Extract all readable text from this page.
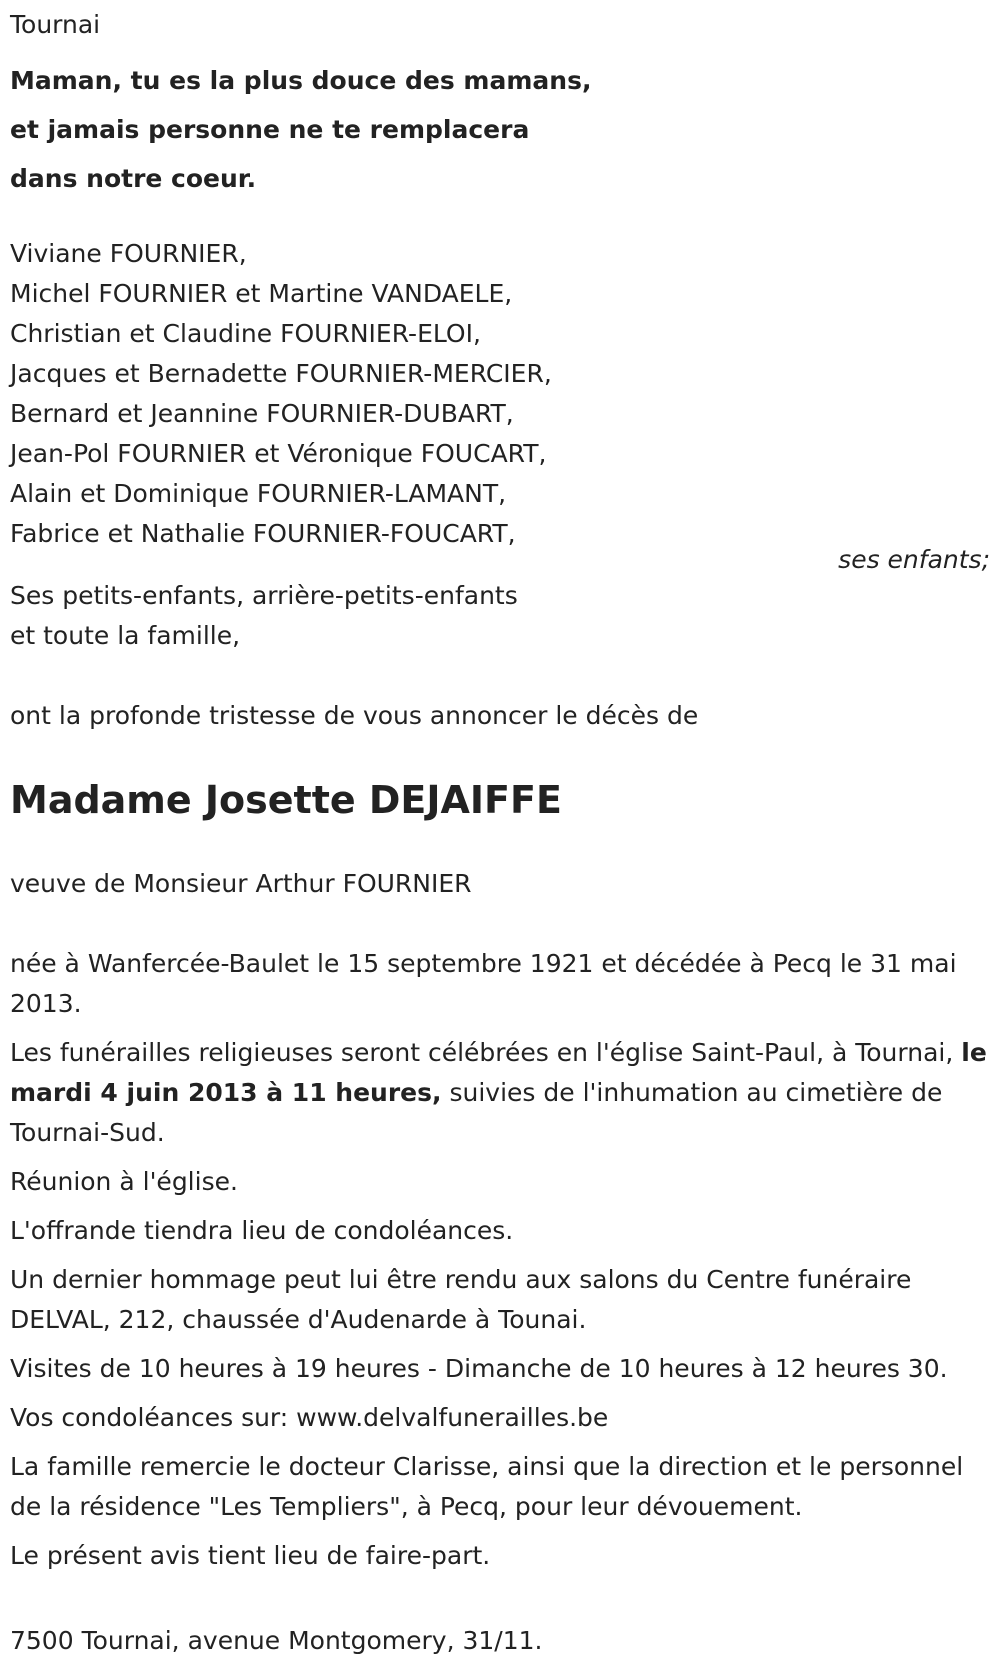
Tournai
Maman, tu es la plus douce des mamans,
et jamais personne ne te remplacera
dans notre coeur.
Viviane FOURNIER,
Michel FOURNIER et Martine VANDAELE,
Christian et Claudine FOURNIER-ELOI,
Jacques et Bernadette FOURNIER-MERCIER,
Bernard et Jeannine FOURNIER-DUBART,
Jean-Pol FOURNIER et Véronique FOUCART,
Alain et Dominique FOURNIER-LAMANT,
Fabrice et Nathalie FOURNIER-FOUCART,
ses enfants;
Ses petits-enfants, arrière-petits-enfants
et toute la famille,
ont la profonde tristesse de vous annoncer le décès de
Madame Josette DEJAIFFE
veuve de Monsieur Arthur FOURNIER

née à Wanfercée-Baulet le 15 septembre 1921 et décédée à Pecq le 31 mai 2013.

Les funérailles religieuses seront célébrées en l'église Saint-Paul, à Tournai, le mardi 4 juin 2013 à 11 heures, suivies de l'inhumation au cimetière de Tournai-Sud.

Réunion à l'église.

L'offrande tiendra lieu de condoléances.

Un dernier hommage peut lui être rendu aux salons du Centre funéraire DELVAL, 212, chaussée d'Audenarde à Tounai.

Visites de 10 heures à 19 heures - Dimanche de 10 heures à 12 heures 30.

Vos condoléances sur: www.delvalfunerailles.be

La famille remercie le docteur Clarisse, ainsi que la direction et le personnel de la résidence "Les Templiers", à Pecq, pour leur dévouement.

Le présent avis tient lieu de faire-part.

7500 Tournai, avenue Montgomery, 31/11.
